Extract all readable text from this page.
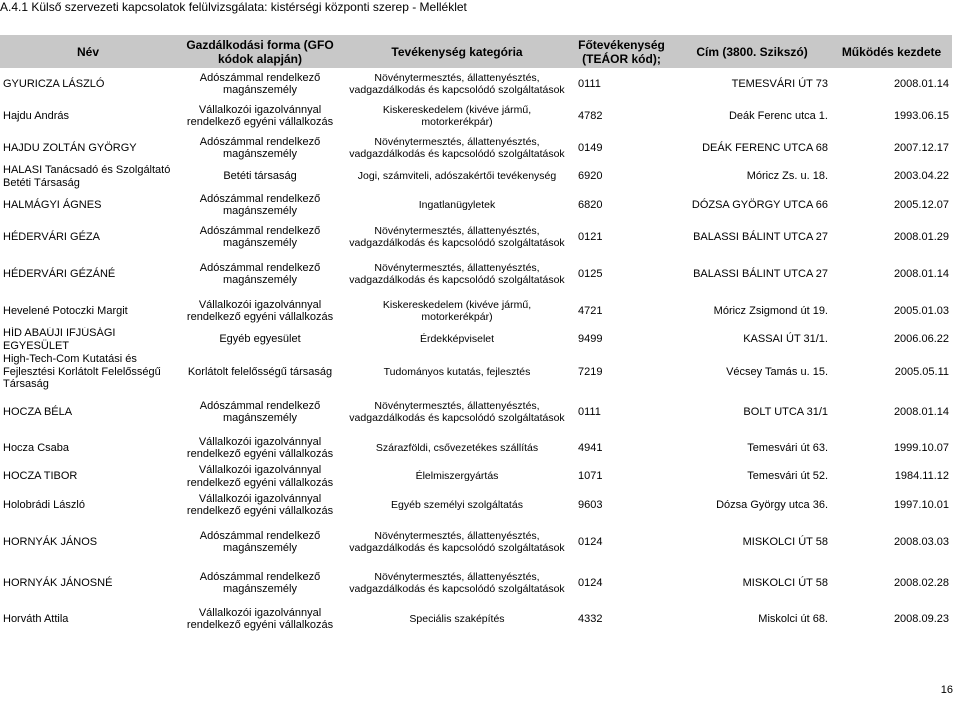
A.4.1 Külső szervezeti kapcsolatok felülvizsgálata: kistérségi központi szerep - Melléklet
Név	Gazdálkodási forma (GFO kódok alapján)	Tevékenység kategória	Főtevékenység (TEÁOR kód);	Cím (3800. Szikszó)	Működés kezdete
GYURICZA LÁSZLÓ	Adószámmal rendelkező magánszemély	Növénytermesztés, állattenyésztés, vadgazdálkodás és kapcsolódó szolgáltatások	0111	TEMESVÁRI ÚT 73	2008.01.14
Hajdu András	Vállalkozói igazolvánnyal rendelkező egyéni vállalkozás	Kiskereskedelem (kivéve jármű, motorkerékpár)	4782	Deák Ferenc utca 1.	1993.06.15
HAJDU ZOLTÁN GYÖRGY	Adószámmal rendelkező magánszemély	Növénytermesztés, állattenyésztés, vadgazdálkodás és kapcsolódó szolgáltatások	0149	DEÁK FERENC UTCA 68	2007.12.17
HALASI Tanácsadó és Szolgáltató Betéti Társaság	Betéti társaság	Jogi, számviteli, adószakértői tevékenység	6920	Móricz Zs. u. 18.	2003.04.22
HALMÁGYI ÁGNES	Adószámmal rendelkező magánszemély	Ingatlanügyletek	6820	DÓZSA GYÖRGY UTCA 66	2005.12.07
HÉDERVÁRI GÉZA	Adószámmal rendelkező magánszemély	Növénytermesztés, állattenyésztés, vadgazdálkodás és kapcsolódó szolgáltatások	0121	BALASSI BÁLINT UTCA 27	2008.01.29
HÉDERVÁRI GÉZÁNÉ	Adószámmal rendelkező magánszemély	Növénytermesztés, állattenyésztés, vadgazdálkodás és kapcsolódó szolgáltatások	0125	BALASSI BÁLINT UTCA 27	2008.01.14
Hevelené Potoczki Margit	Vállalkozói igazolvánnyal rendelkező egyéni vállalkozás	Kiskereskedelem (kivéve jármű, motorkerékpár)	4721	Móricz Zsigmond út 19.	2005.01.03
HÍD ABAÚJI IFJÚSÁGI EGYESÜLET	Egyéb egyesület	Érdekképviselet	9499	KASSAI ÚT 31/1.	2006.06.22
High-Tech-Com Kutatási és Fejlesztési Korlátolt Felelősségű Társaság	Korlátolt felelősségű társaság	Tudományos kutatás, fejlesztés	7219	Vécsey Tamás u. 15.	2005.05.11
HOCZA BÉLA	Adószámmal rendelkező magánszemély	Növénytermesztés, állattenyésztés, vadgazdálkodás és kapcsolódó szolgáltatások	0111	BOLT UTCA 31/1	2008.01.14
Hocza Csaba	Vállalkozói igazolvánnyal rendelkező egyéni vállalkozás	Szárazföldi, csővezetékes szállítás	4941	Temesvári út 63.	1999.10.07
HOCZA TIBOR	Vállalkozói igazolvánnyal rendelkező egyéni vállalkozás	Élelmiszergyártás	1071	Temesvári út 52.	1984.11.12
Holobrádi László	Vállalkozói igazolvánnyal rendelkező egyéni vállalkozás	Egyéb személyi szolgáltatás	9603	Dózsa György utca 36.	1997.10.01
HORNYÁK JÁNOS	Adószámmal rendelkező magánszemély	Növénytermesztés, állattenyésztés, vadgazdálkodás és kapcsolódó szolgáltatások	0124	MISKOLCI ÚT 58	2008.03.03
HORNYÁK JÁNOSNÉ	Adószámmal rendelkező magánszemély	Növénytermesztés, állattenyésztés, vadgazdálkodás és kapcsolódó szolgáltatások	0124	MISKOLCI ÚT 58	2008.02.28
Horváth Attila	Vállalkozói igazolvánnyal rendelkező egyéni vállalkozás	Speciális szaképítés	4332	Miskolci út 68.	2008.09.23
16
